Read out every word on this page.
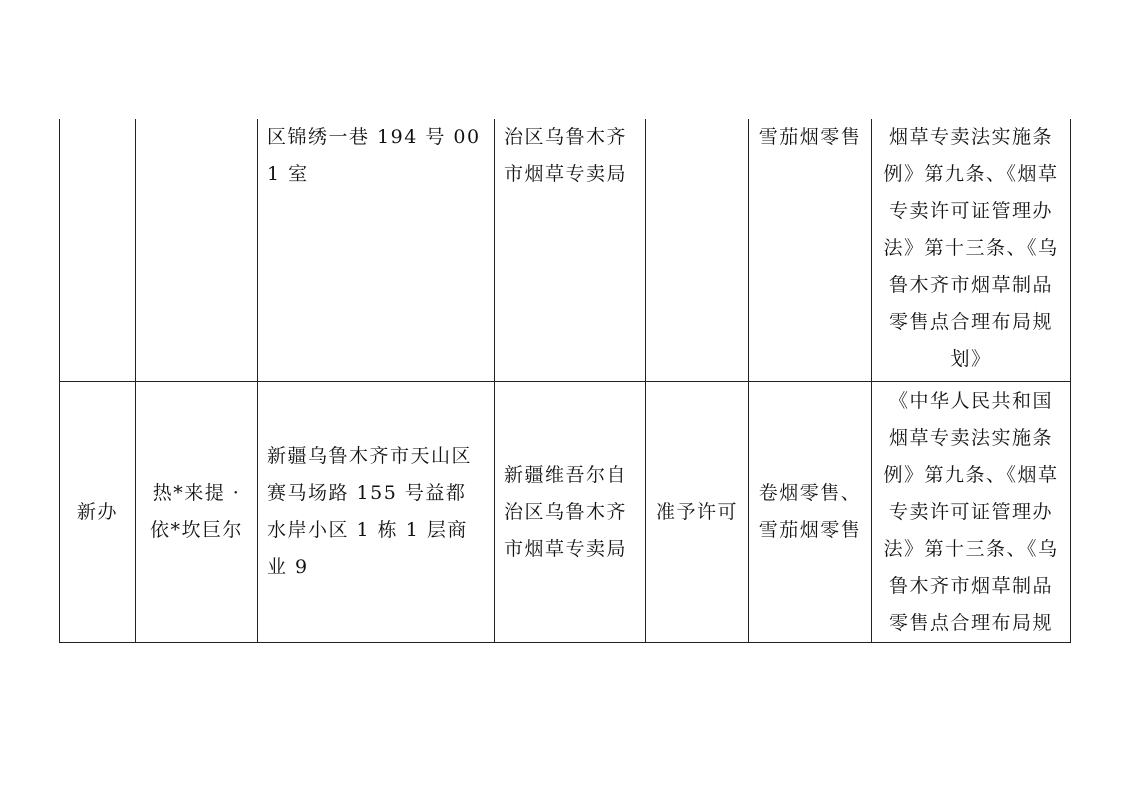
		区锦绣一巷 194 号 001 室	治区乌鲁木齐市烟草专卖局		雪茄烟零售	烟草专卖法实施条例》第九条、《烟草专卖许可证管理办法》第十三条、《乌鲁木齐市烟草制品零售点合理布局规划》
新办	热*来提 ·依*坎巨尔	新疆乌鲁木齐市天山区赛马场路 155 号益都水岸小区 1 栋 1 层商业 9	新疆维吾尔自治区乌鲁木齐市烟草专卖局	准予许可	卷烟零售、雪茄烟零售	《中华人民共和国烟草专卖法实施条例》第九条、《烟草专卖许可证管理办法》第十三条、《乌鲁木齐市烟草制品零售点合理布局规
